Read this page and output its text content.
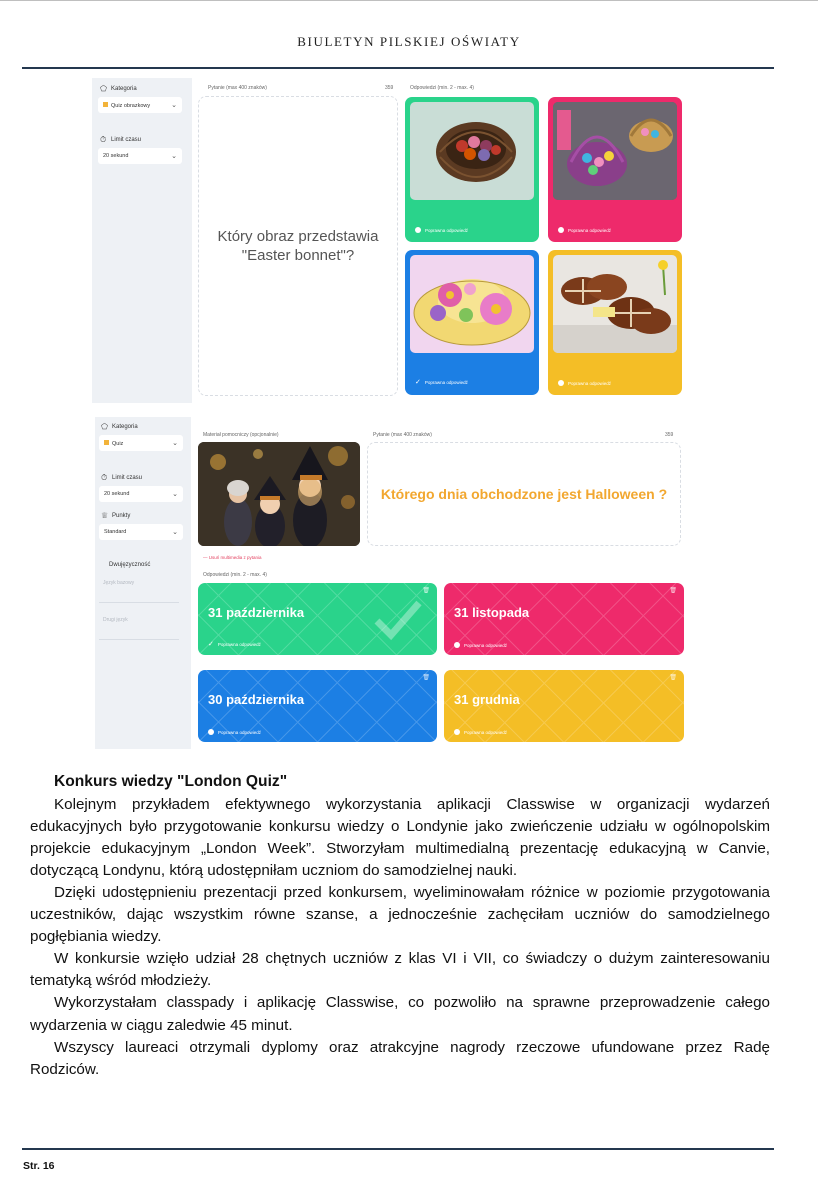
BIULETYN PILSKIEJ OŚWIATY
⬠ Kategoria
Quiz obrazkowy	⌄
⏱ Limit czasu
20 sekund	⌄
Pytanie (max 400 znaków)	359	Odpowiedzi (min. 2 - max. 4)
Który obraz przedstawia "Easter bonnet"?
Poprawna odpowiedź	Poprawna odpowiedź
✓ Poprawna odpowiedź	Poprawna odpowiedź
⬠ Kategoria
Quiz	⌄
⏱ Limit czasu
20 sekund	⌄
♕ Punkty
Standard	⌄
Dwujęzyczność
Język bazowy
Drugi język
Materiał pomocniczy (opcjonalnie)	Pytanie (max 400 znaków)	359
— Usuń multimedia z pytania
Odpowiedzi (min. 2 - max. 4)
Którego dnia obchodzone jest Halloween ?
🗑
31 października
✓ Poprawna odpowiedź
🗑
31 listopada
Poprawna odpowiedź
🗑
30 października
Poprawna odpowiedź
🗑
31 grudnia
Poprawna odpowiedź
Konkurs wiedzy "London Quiz"

Kolejnym przykładem efektywnego wykorzystania aplikacji Classwise w organizacji wydarzeń edukacyjnych było przygotowanie konkursu wiedzy o Londynie jako zwieńczenie udziału w ogólnopolskim projekcie edukacyjnym „London Week”. Stworzyłam multimedialną prezentację edukacyjną w Canvie, dotyczącą Londynu, którą udostępniłam uczniom do samodzielnej nauki.

Dzięki udostępnieniu prezentacji przed konkursem, wyeliminowałam różnice w poziomie przygotowania uczestników, dając wszystkim równe szanse, a jednocześnie zachęciłam uczniów do samodzielnego pogłębiania wiedzy.

W konkursie wzięło udział 28 chętnych uczniów z klas VI i VII, co świadczy o dużym zainteresowaniu tematyką wśród młodzieży.

Wykorzystałam classpady i aplikację Classwise, co pozwoliło na sprawne przeprowadzenie całego wydarzenia w ciągu zaledwie 45 minut.

Wszyscy laureaci otrzymali dyplomy oraz atrakcyjne nagrody rzeczowe ufundowane przez Radę Rodziców.

Str. 16
